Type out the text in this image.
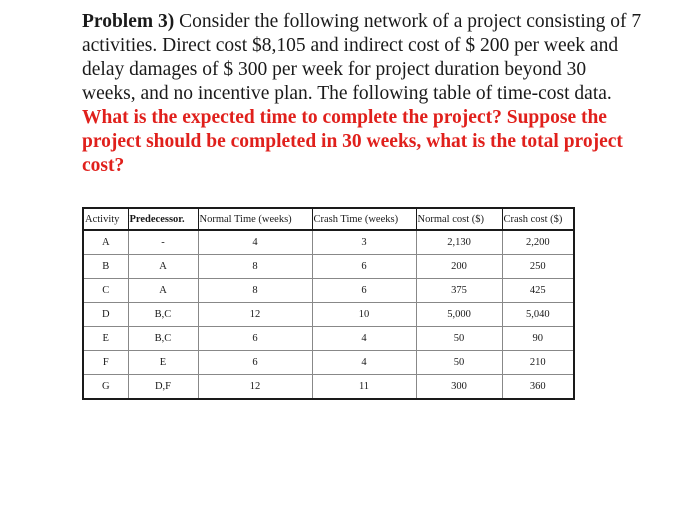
Problem 3) Consider the following network of a project consisting of 7 activities. Direct cost $8,105 and indirect cost of $ 200 per week and delay damages of $ 300 per week for project duration beyond 30 weeks, and no incentive plan. The following table of time-cost data. What is the expected time to complete the project? Suppose the project should be completed in 30 weeks, what is the total project cost?

Activity	Predecessor.	Normal Time (weeks)	Crash Time (weeks)	Normal cost ($)	Crash cost ($)
A	-	4	3	2,130	2,200
B	A	8	6	200	250
C	A	8	6	375	425
D	B,C	12	10	5,000	5,040
E	B,C	6	4	50	90
F	E	6	4	50	210
G	D,F	12	11	300	360
